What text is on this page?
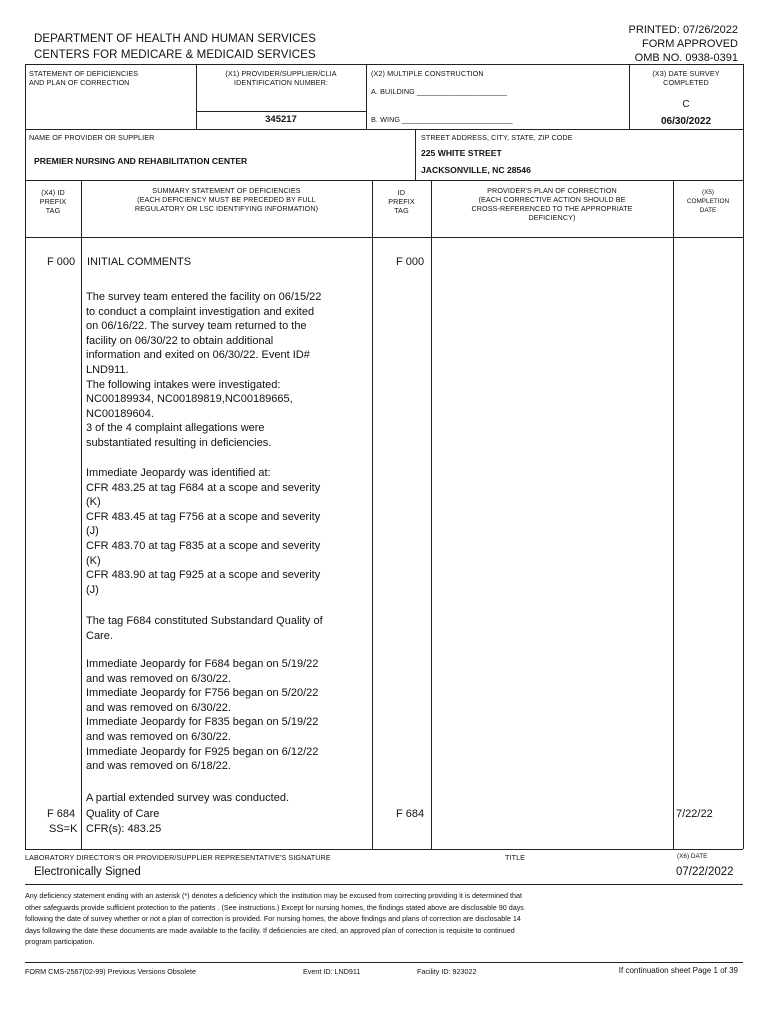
DEPARTMENT OF HEALTH AND HUMAN SERVICES
CENTERS FOR MEDICARE & MEDICAID SERVICES
PRINTED: 07/26/2022
FORM APPROVED
OMB NO. 0938-0391
STATEMENT OF DEFICIENCIES
AND PLAN OF CORRECTION
(X1) PROVIDER/SUPPLIER/CLIA
IDENTIFICATION NUMBER:
345217
(X2) MULTIPLE CONSTRUCTION
A. BUILDING ______________________
B. WING ___________________________
(X3) DATE SURVEY
COMPLETED
C
06/30/2022
NAME OF PROVIDER OR SUPPLIER
PREMIER NURSING AND REHABILITATION CENTER
STREET ADDRESS, CITY, STATE, ZIP CODE
225 WHITE STREET
JACKSONVILLE, NC 28546
(X4) ID
PREFIX
TAG
SUMMARY STATEMENT OF DEFICIENCIES
(EACH DEFICIENCY MUST BE PRECEDED BY FULL
REGULATORY OR LSC IDENTIFYING INFORMATION)
ID
PREFIX
TAG
PROVIDER'S PLAN OF CORRECTION
(EACH CORRECTIVE ACTION SHOULD BE
CROSS-REFERENCED TO THE APPROPRIATE
DEFICIENCY)
(X5)
COMPLETION
DATE
F 000 INITIAL COMMENTS	F 000
The survey team entered the facility on 06/15/22
to conduct a complaint investigation and exited
on 06/16/22. The survey team returned to the
facility on 06/30/22 to obtain additional
information and exited on 06/30/22. Event ID#
LND911.
The following intakes were investigated:
NC00189934, NC00189819,NC00189665,
NC00189604.
3 of the 4 complaint allegations were
substantiated resulting in deficiencies.
Immediate Jeopardy was identified at:
CFR 483.25 at tag F684 at a scope and severity
(K)
CFR 483.45 at tag F756 at a scope and severity
(J)
CFR 483.70 at tag F835 at a scope and severity
(K)
CFR 483.90 at tag F925 at a scope and severity
(J)
The tag F684 constituted Substandard Quality of
Care.
Immediate Jeopardy for F684 began on 5/19/22
and was removed on 6/30/22.
Immediate Jeopardy for F756 began on 5/20/22
and was removed on 6/30/22.
Immediate Jeopardy for F835 began on 5/19/22
and was removed on 6/30/22.
Immediate Jeopardy for F925 began on 6/12/22
and was removed on 6/18/22.
A partial extended survey was conducted.
F 684
SS=K
Quality of Care
CFR(s): 483.25
F 684	7/22/22
LABORATORY DIRECTOR'S OR PROVIDER/SUPPLIER REPRESENTATIVE'S SIGNATURE	TITLE	(X6) DATE
Electronically Signed	07/22/2022
Any deficiency statement ending with an asterisk (*) denotes a deficiency which the institution may be excused from correcting providing it is determined that
other safeguards provide sufficient protection to the patients . (See instructions.) Except for nursing homes, the findings stated above are disclosable 90 days
following the date of survey whether or not a plan of correction is provided. For nursing homes, the above findings and plans of correction are disclosable 14
days following the date these documents are made available to the facility. If deficiencies are cited, an approved plan of correction is requisite to continued
program participation.
FORM CMS-2567(02-99) Previous Versions Obsolete	Event ID: LND911	Facility ID: 923022	If continuation sheet Page 1 of 39
